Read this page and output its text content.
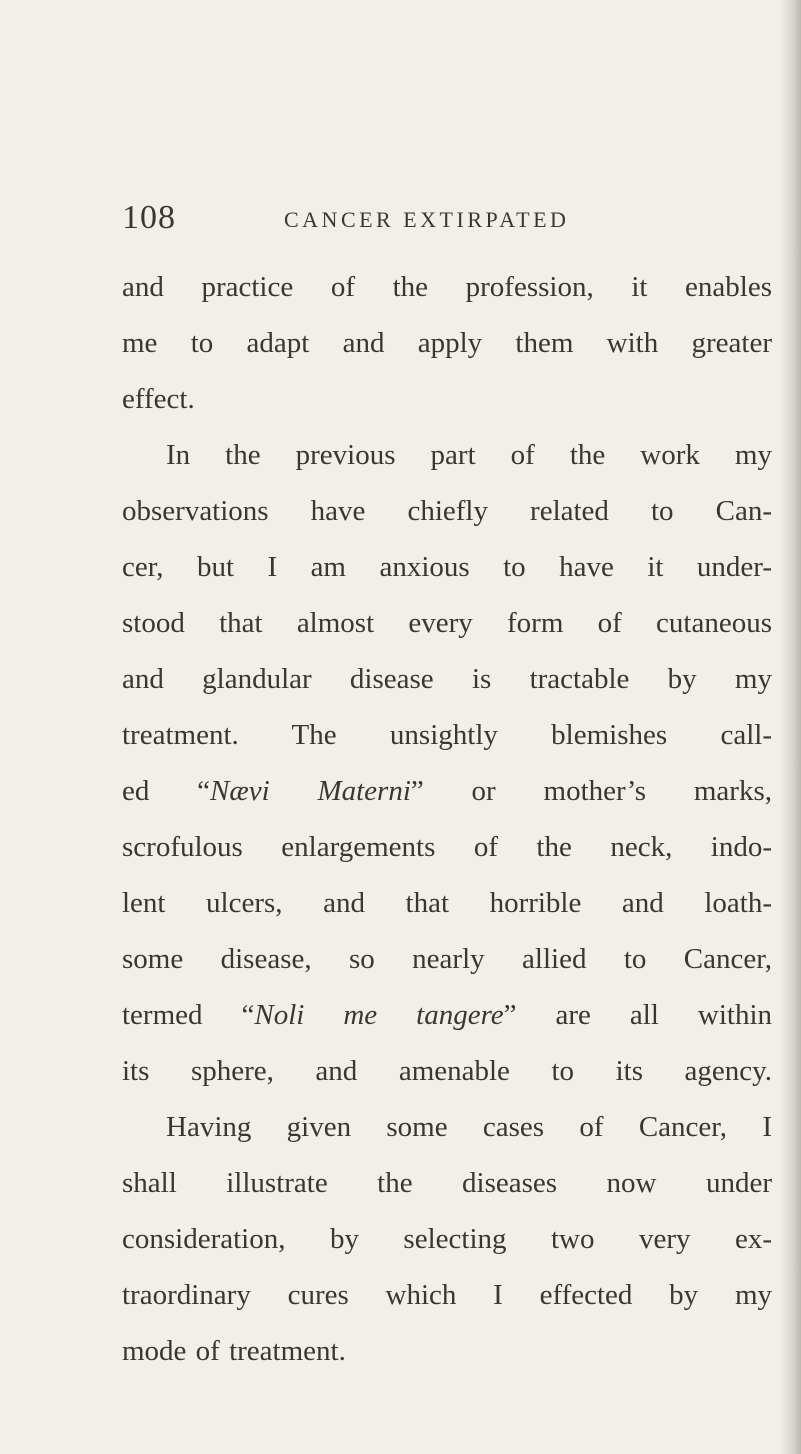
108	CANCER EXTIRPATED
and practice of the profession, it enables
me to adapt and apply them with greater
effect.
In the previous part of the work my
observations have chiefly related to Can-
cer, but I am anxious to have it under-
stood that almost every form of cutaneous
and glandular disease is tractable by my
treatment. The unsightly blemishes call-
ed “Nævi Materni” or mother’s marks,
scrofulous enlargements of the neck, indo-
lent ulcers, and that horrible and loath-
some disease, so nearly allied to Cancer,
termed “Noli me tangere” are all within
its sphere, and amenable to its agency.
Having given some cases of Cancer, I
shall illustrate the diseases now under
consideration, by selecting two very ex-
traordinary cures which I effected by my
mode of treatment.
